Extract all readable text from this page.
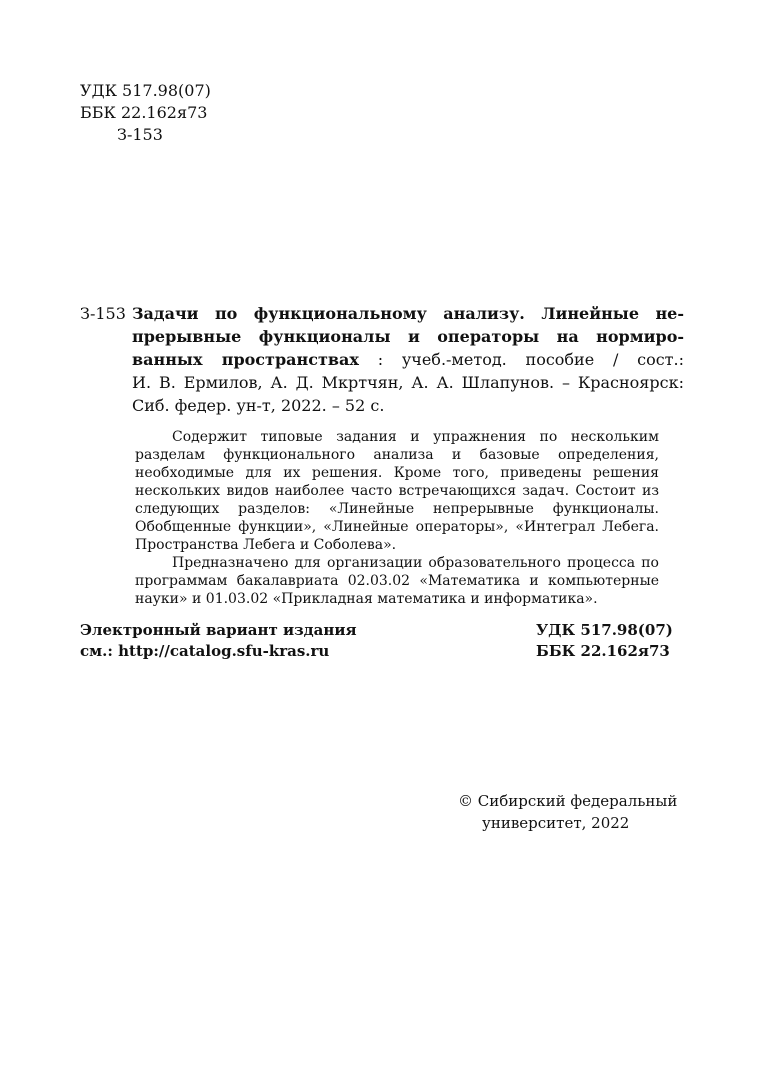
УДК 517.98(07)
ББК 22.162я73
З-153
З-153 Задачи по функциональному анализу. Линейные не-
прерывные функционалы и операторы на нормиро-
ванных пространствах : учеб.-метод. пособие / сост.:
И. В. Ермилов, А. Д. Мкртчян, А. А. Шлапунов. – Красноярск:
Сиб. федер. ун-т, 2022. – 52 с.

Содержит типовые задания и упражнения по нескольким разделам функционального анализа и базовые определения, необходимые для их решения. Кроме того, приведены решения нескольких видов наиболее часто встречающихся задач. Состоит из следующих разделов: «Линейные непрерывные функционалы. Обобщенные функции», «Линейные операторы», «Интеграл Лебега. Пространства Лебега и Соболева».

Предназначено для организации образовательного процесса по программам бакалавриата 02.03.02 «Математика и компьютерные науки» и 01.03.02 «Прикладная математика и информатика».

Электронный вариант издания
см.: http://catalog.sfu-kras.ru
УДК 517.98(07)
ББК 22.162я73
© Сибирский федеральный
университет, 2022
